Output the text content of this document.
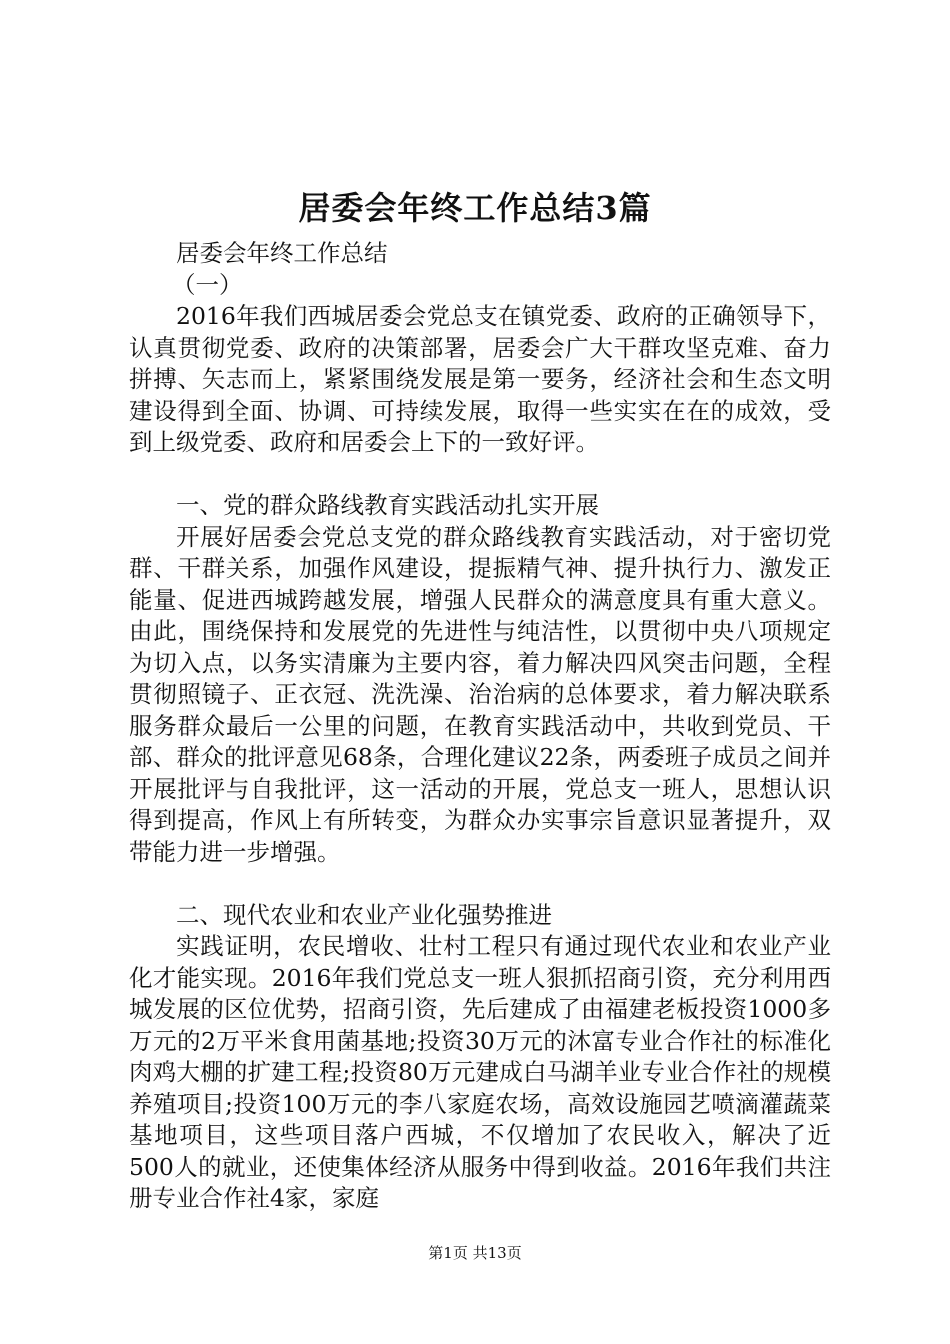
居委会年终工作总结3篇

居委会年终工作总结

（一）

2016年我们西城居委会党总支在镇党委、政府的正确领导下，认真贯彻党委、政府的决策部署，居委会广大干群攻坚克难、奋力拼搏、矢志而上，紧紧围绕发展是第一要务，经济社会和生态文明建设得到全面、协调、可持续发展，取得一些实实在在的成效，受到上级党委、政府和居委会上下的一致好评。

一、党的群众路线教育实践活动扎实开展

开展好居委会党总支党的群众路线教育实践活动，对于密切党群、干群关系，加强作风建设，提振精气神、提升执行力、激发正能量、促进西城跨越发展，增强人民群众的满意度具有重大意义。由此，围绕保持和发展党的先进性与纯洁性，以贯彻中央八项规定为切入点，以务实清廉为主要内容，着力解决四风突击问题，全程贯彻照镜子、正衣冠、洗洗澡、治治病的总体要求，着力解决联系服务群众最后一公里的问题，在教育实践活动中，共收到党员、干部、群众的批评意见68条，合理化建议22条，两委班子成员之间并开展批评与自我批评，这一活动的开展，党总支一班人，思想认识得到提高，作风上有所转变，为群众办实事宗旨意识显著提升，双带能力进一步增强。

二、现代农业和农业产业化强势推进

实践证明，农民增收、壮村工程只有通过现代农业和农业产业化才能实现。2016年我们党总支一班人狠抓招商引资，充分利用西城发展的区位优势，招商引资，先后建成了由福建老板投资1000多万元的2万平米食用菌基地;投资30万元的沐富专业合作社的标准化肉鸡大棚的扩建工程;投资80万元建成白马湖羊业专业合作社的规模养殖项目;投资100万元的李八家庭农场，高效设施园艺喷滴灌蔬菜基地项目，这些项目落户西城，不仅增加了农民收入，解决了近500人的就业，还使集体经济从服务中得到收益。2016年我们共注册专业合作社4家，家庭

第1页 共13页
